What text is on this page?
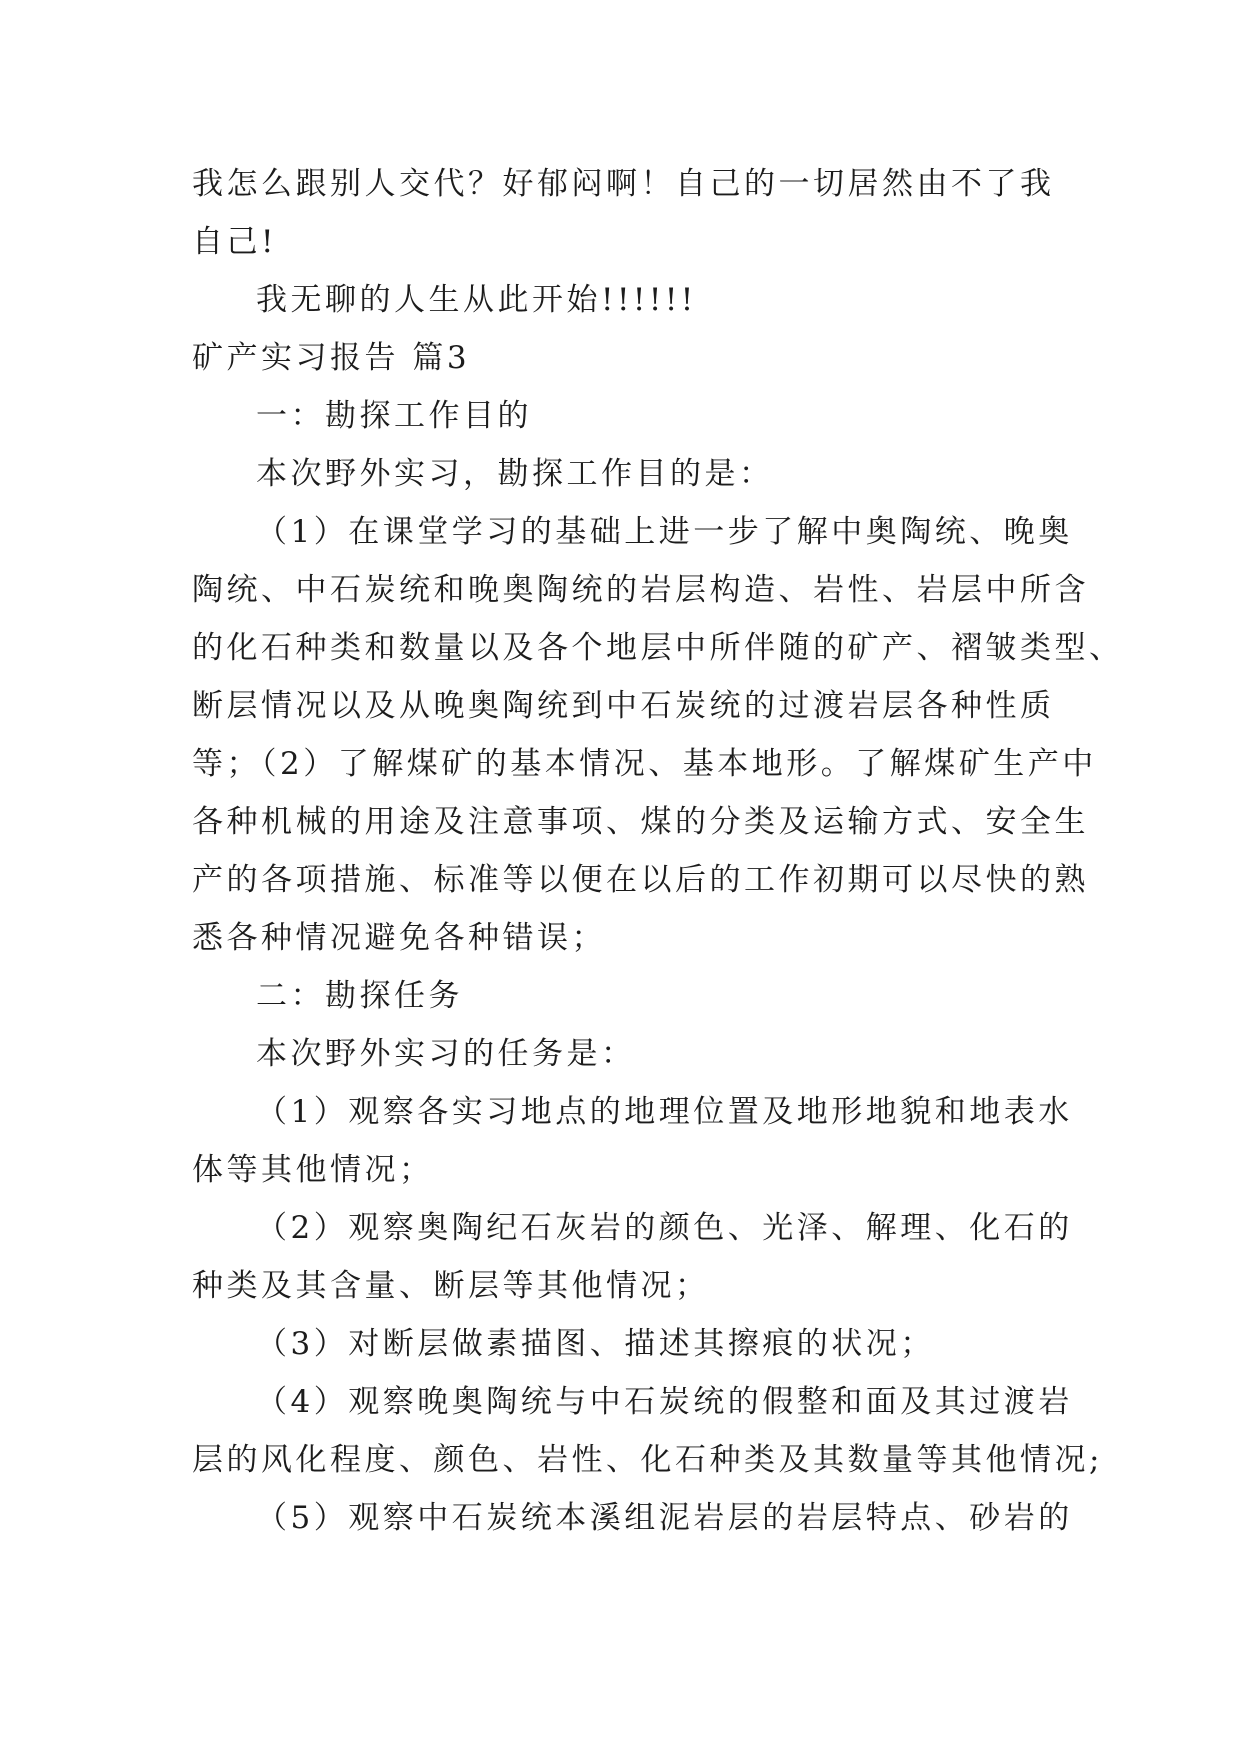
我怎么跟别人交代？好郁闷啊！自己的一切居然由不了我
自己!
我无聊的人生从此开始!!!!!!
矿产实习报告 篇3
一：勘探工作目的
本次野外实习，勘探工作目的是：
（1）在课堂学习的基础上进一步了解中奥陶统、晚奥
陶统、中石炭统和晚奥陶统的岩层构造、岩性、岩层中所含
的化石种类和数量以及各个地层中所伴随的矿产、褶皱类型、
断层情况以及从晚奥陶统到中石炭统的过渡岩层各种性质
等；（2）了解煤矿的基本情况、基本地形。了解煤矿生产中
各种机械的用途及注意事项、煤的分类及运输方式、安全生
产的各项措施、标准等以便在以后的工作初期可以尽快的熟
悉各种情况避免各种错误；
二：勘探任务
本次野外实习的任务是：
（1）观察各实习地点的地理位置及地形地貌和地表水
体等其他情况；
（2）观察奥陶纪石灰岩的颜色、光泽、解理、化石的
种类及其含量、断层等其他情况；
（3）对断层做素描图、描述其擦痕的状况；
（4）观察晚奥陶统与中石炭统的假整和面及其过渡岩
层的风化程度、颜色、岩性、化石种类及其数量等其他情况;
（5）观察中石炭统本溪组泥岩层的岩层特点、砂岩的
